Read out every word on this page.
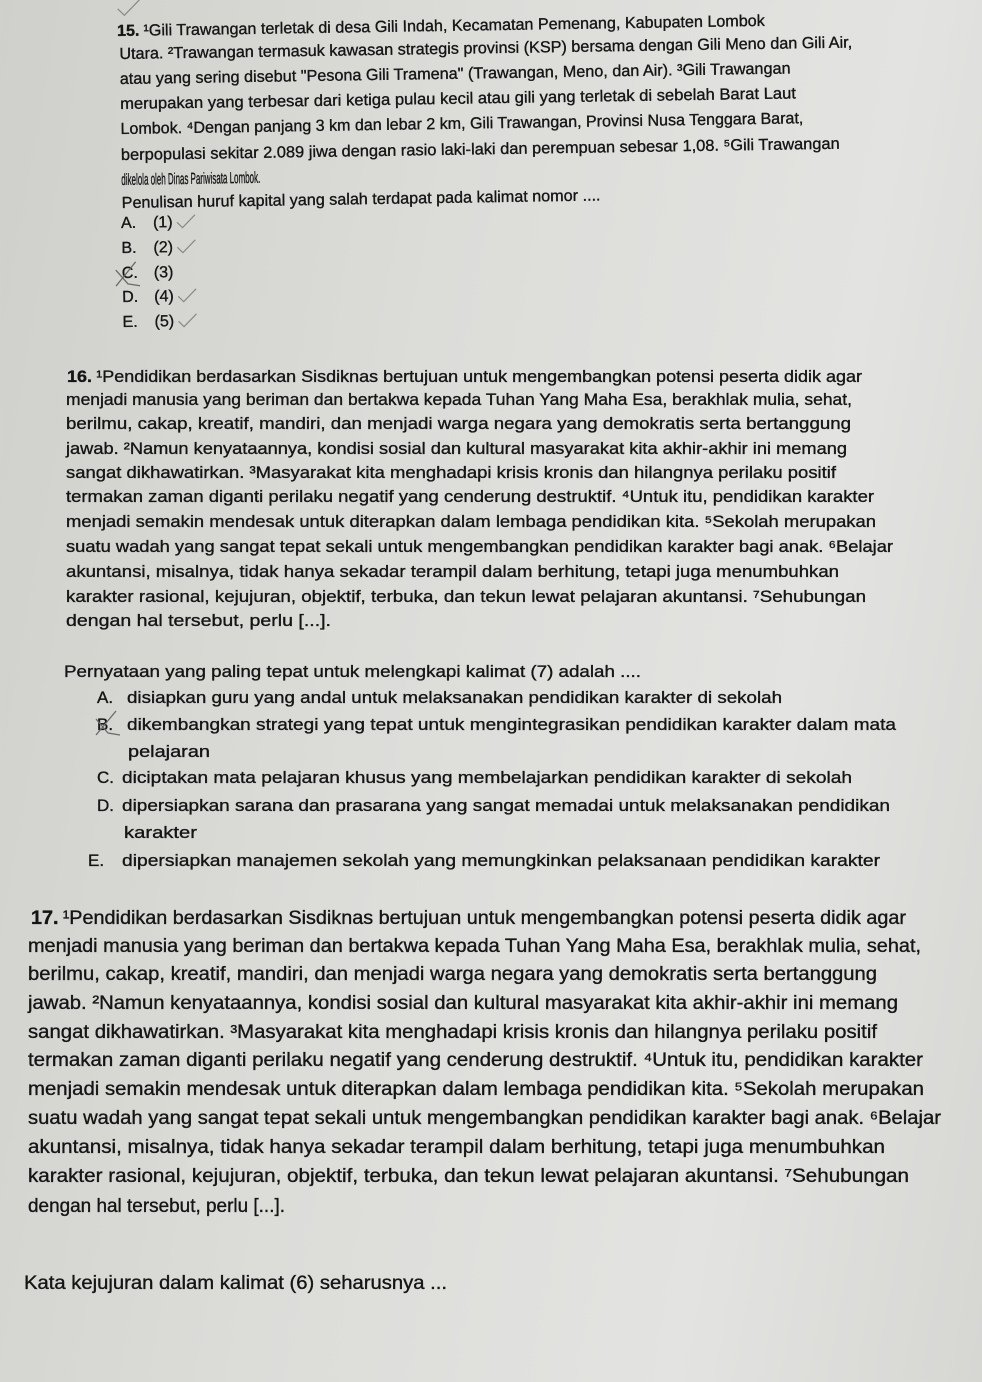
15. ¹Gili Trawangan terletak di desa Gili Indah, Kecamatan Pemenang, Kabupaten Lombok
Utara. ²Trawangan termasuk kawasan strategis provinsi (KSP) bersama dengan Gili Meno dan Gili Air,
atau yang sering disebut "Pesona Gili Tramena" (Trawangan, Meno, dan Air). ³Gili Trawangan
merupakan yang terbesar dari ketiga pulau kecil atau gili yang terletak di sebelah Barat Laut
Lombok. ⁴Dengan panjang 3 km dan lebar 2 km, Gili Trawangan, Provinsi Nusa Tenggara Barat,
berpopulasi sekitar 2.089 jiwa dengan rasio laki-laki dan perempuan sebesar 1,08. ⁵Gili Trawangan
dikelola oleh Dinas Pariwisata Lombok.
Penulisan huruf kapital yang salah terdapat pada kalimat nomor ....
A. (1)
B. (2)
C. (3)
D. (4)
E. (5)
16. ¹Pendidikan berdasarkan Sisdiknas bertujuan untuk mengembangkan potensi peserta didik agar
menjadi manusia yang beriman dan bertakwa kepada Tuhan Yang Maha Esa, berakhlak mulia, sehat,
berilmu, cakap, kreatif, mandiri, dan menjadi warga negara yang demokratis serta bertanggung
jawab. ²Namun kenyataannya, kondisi sosial dan kultural masyarakat kita akhir-akhir ini memang
sangat dikhawatirkan. ³Masyarakat kita menghadapi krisis kronis dan hilangnya perilaku positif
termakan zaman diganti perilaku negatif yang cenderung destruktif. ⁴Untuk itu, pendidikan karakter
menjadi semakin mendesak untuk diterapkan dalam lembaga pendidikan kita. ⁵Sekolah merupakan
suatu wadah yang sangat tepat sekali untuk mengembangkan pendidikan karakter bagi anak. ⁶Belajar
akuntansi, misalnya, tidak hanya sekadar terampil dalam berhitung, tetapi juga menumbuhkan
karakter rasional, kejujuran, objektif, terbuka, dan tekun lewat pelajaran akuntansi. ⁷Sehubungan
dengan hal tersebut, perlu [...].
Pernyataan yang paling tepat untuk melengkapi kalimat (7) adalah ....
A. disiapkan guru yang andal untuk melaksanakan pendidikan karakter di sekolah
B. dikembangkan strategi yang tepat untuk mengintegrasikan pendidikan karakter dalam mata
pelajaran
C. diciptakan mata pelajaran khusus yang membelajarkan pendidikan karakter di sekolah
D. dipersiapkan sarana dan prasarana yang sangat memadai untuk melaksanakan pendidikan
karakter
E. dipersiapkan manajemen sekolah yang memungkinkan pelaksanaan pendidikan karakter
17. ¹Pendidikan berdasarkan Sisdiknas bertujuan untuk mengembangkan potensi peserta didik agar
menjadi manusia yang beriman dan bertakwa kepada Tuhan Yang Maha Esa, berakhlak mulia, sehat,
berilmu, cakap, kreatif, mandiri, dan menjadi warga negara yang demokratis serta bertanggung
jawab. ²Namun kenyataannya, kondisi sosial dan kultural masyarakat kita akhir-akhir ini memang
sangat dikhawatirkan. ³Masyarakat kita menghadapi krisis kronis dan hilangnya perilaku positif
termakan zaman diganti perilaku negatif yang cenderung destruktif. ⁴Untuk itu, pendidikan karakter
menjadi semakin mendesak untuk diterapkan dalam lembaga pendidikan kita. ⁵Sekolah merupakan
suatu wadah yang sangat tepat sekali untuk mengembangkan pendidikan karakter bagi anak. ⁶Belajar
akuntansi, misalnya, tidak hanya sekadar terampil dalam berhitung, tetapi juga menumbuhkan
karakter rasional, kejujuran, objektif, terbuka, dan tekun lewat pelajaran akuntansi. ⁷Sehubungan
dengan hal tersebut, perlu [...].
Kata kejujuran dalam kalimat (6) seharusnya ...
